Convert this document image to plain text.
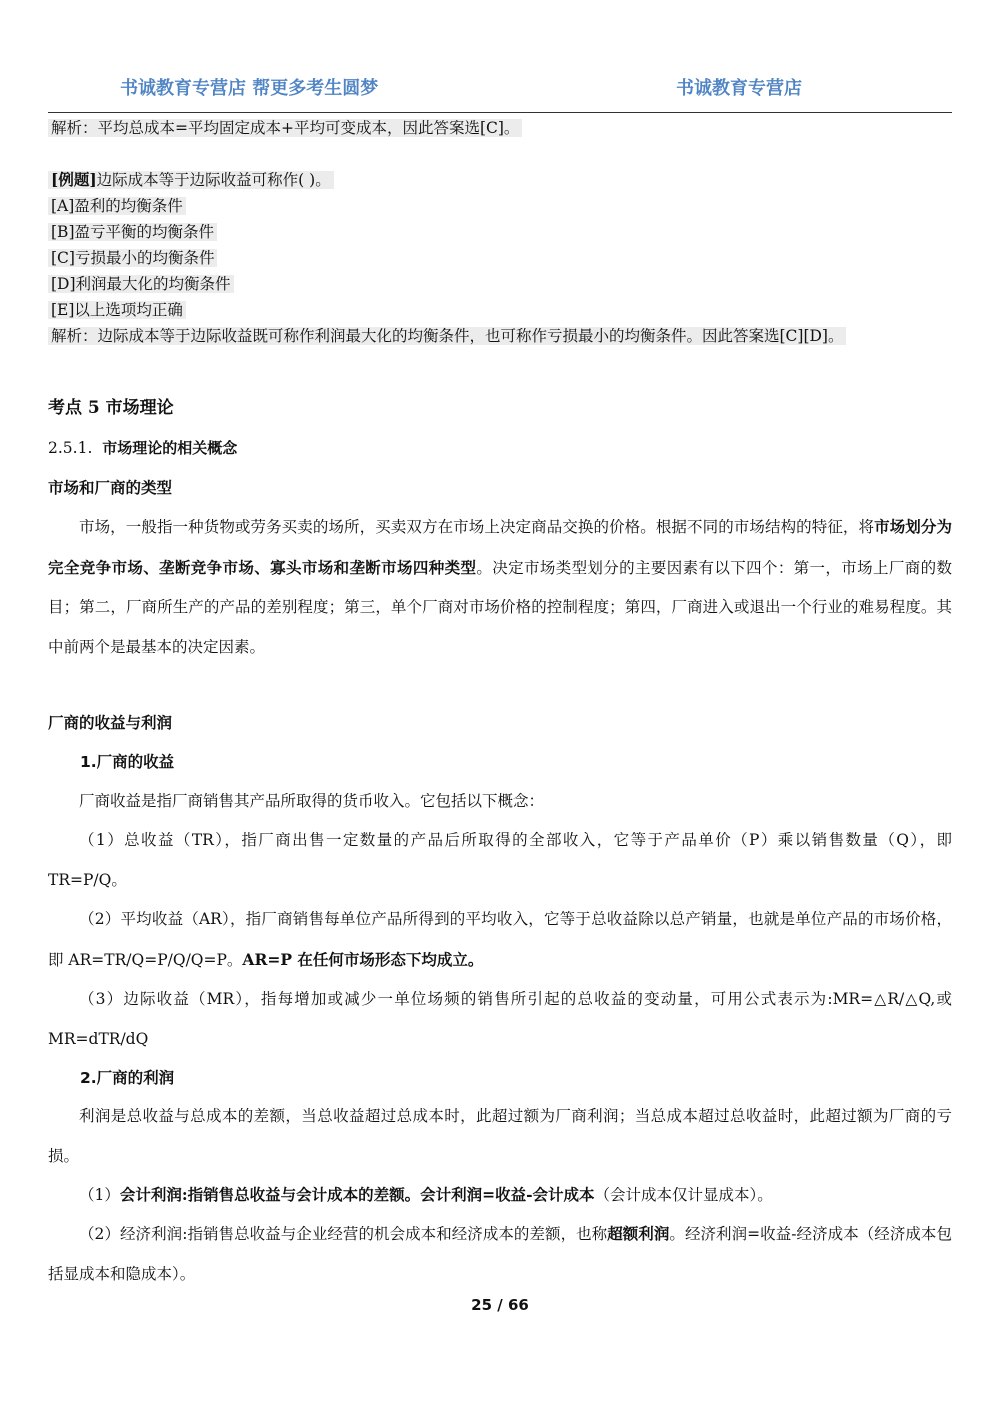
书诚教育专营店 帮更多考生圆梦	书诚教育专营店
解析：平均总成本=平均固定成本+平均可变成本，因此答案选[C]。
[例题]边际成本等于边际收益可称作( )。
[A]盈利的均衡条件
[B]盈亏平衡的均衡条件
[C]亏损最小的均衡条件
[D]利润最大化的均衡条件
[E]以上选项均正确
解析：边际成本等于边际收益既可称作利润最大化的均衡条件，也可称作亏损最小的均衡条件。因此答案选[C][D]。
考点 5 市场理论
2.5.1. 市场理论的相关概念
市场和厂商的类型
市场，一般指一种货物或劳务买卖的场所，买卖双方在市场上决定商品交换的价格。根据不同的市场结构的特征，将市场划分为完全竞争市场、垄断竞争市场、寡头市场和垄断市场四种类型。决定市场类型划分的主要因素有以下四个：第一，市场上厂商的数目；第二，厂商所生产的产品的差别程度；第三，单个厂商对市场价格的控制程度；第四，厂商进入或退出一个行业的难易程度。其中前两个是最基本的决定因素。
厂商的收益与利润
1.厂商的收益
厂商收益是指厂商销售其产品所取得的货币收入。它包括以下概念：
（1）总收益（TR），指厂商出售一定数量的产品后所取得的全部收入，它等于产品单价（P）乘以销售数量（Q），即 TR=P/Q。
（2）平均收益（AR），指厂商销售每单位产品所得到的平均收入，它等于总收益除以总产销量，也就是单位产品的市场价格，即 AR=TR/Q=P/Q/Q=P。AR=P 在任何市场形态下均成立。
（3）边际收益（MR），指每增加或减少一单位场频的销售所引起的总收益的变动量，可用公式表示为:MR=△R/△Q,或 MR=dTR/dQ
2.厂商的利润
利润是总收益与总成本的差额，当总收益超过总成本时，此超过额为厂商利润；当总成本超过总收益时，此超过额为厂商的亏损。
（1）会计利润:指销售总收益与会计成本的差额。会计利润=收益-会计成本（会计成本仅计显成本）。
（2）经济利润:指销售总收益与企业经营的机会成本和经济成本的差额，也称超额利润。经济利润=收益-经济成本（经济成本包括显成本和隐成本）。
25 / 66
